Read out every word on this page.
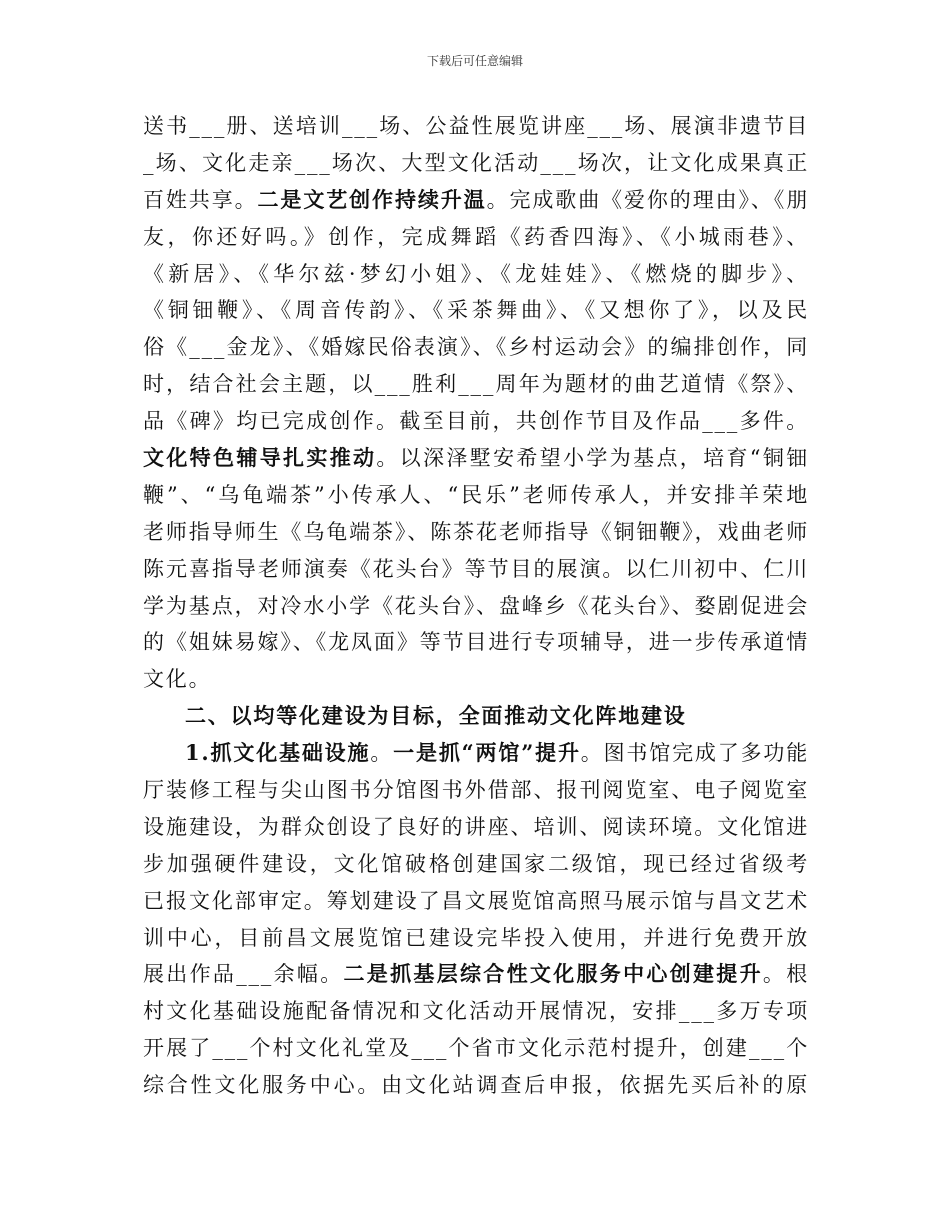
下载后可任意编辑
送书___册、送培训___场、公益性展览讲座___场、展演非遗节目
_场、文化走亲___场次、大型文化活动___场次，让文化成果真正
百姓共享。二是文艺创作持续升温。完成歌曲《爱你的理由》、《朋
友，你还好吗。》创作，完成舞蹈《药香四海》、《小城雨巷》、
《新居》、《华尔兹·梦幻小姐》、《龙娃娃》、《燃烧的脚步》、
《铜钿鞭》、《周音传韵》、《采茶舞曲》、《又想你了》，以及民
俗《___金龙》、《婚嫁民俗表演》、《乡村运动会》的编排创作，同
时，结合社会主题，以___胜利___周年为题材的曲艺道情《祭》、
品《碑》均已完成创作。截至目前，共创作节目及作品___多件。
文化特色辅导扎实推动。以深泽墅安希望小学为基点，培育“铜钿
鞭”、“乌龟端茶”小传承人、“民乐”老师传承人，并安排羊荣地
老师指导师生《乌龟端茶》、陈茶花老师指导《铜钿鞭》，戏曲老师
陈元喜指导老师演奏《花头台》等节目的展演。以仁川初中、仁川
学为基点，对冷水小学《花头台》、盘峰乡《花头台》、婺剧促进会
的《姐妹易嫁》、《龙凤面》等节目进行专项辅导，进一步传承道情
文化。
二、以均等化建设为目标，全面推动文化阵地建设
1.抓文化基础设施。一是抓“两馆”提升。图书馆完成了多功能
厅装修工程与尖山图书分馆图书外借部、报刊阅览室、电子阅览室
设施建设，为群众创设了良好的讲座、培训、阅读环境。文化馆进
步加强硬件建设，文化馆破格创建国家二级馆，现已经过省级考
已报文化部审定。筹划建设了昌文展览馆高照马展示馆与昌文艺术
训中心，目前昌文展览馆已建设完毕投入使用，并进行免费开放
展出作品___余幅。二是抓基层综合性文化服务中心创建提升。根
村文化基础设施配备情况和文化活动开展情况，安排___多万专项
开展了___个村文化礼堂及___个省市文化示范村提升，创建___个
综合性文化服务中心。由文化站调查后申报，依据先买后补的原
